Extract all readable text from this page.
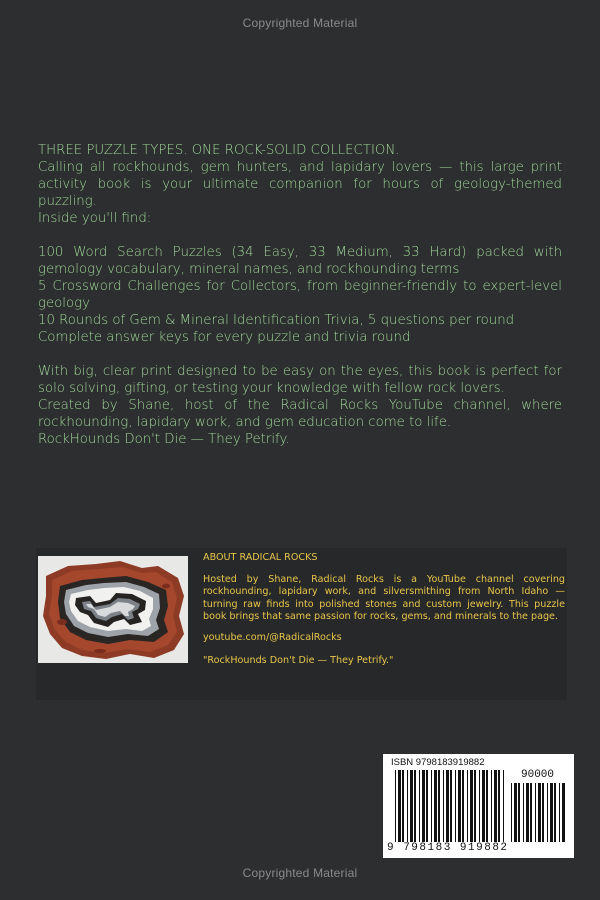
Copyrighted Material

THREE PUZZLE TYPES. ONE ROCK-SOLID COLLECTION.

Calling all rockhounds, gem hunters, and lapidary lovers — this large print activity book is your ultimate companion for hours of geology-themed puzzling.

Inside you'll find:

100 Word Search Puzzles (34 Easy, 33 Medium, 33 Hard) packed with gemology vocabulary, mineral names, and rockhounding terms

5 Crossword Challenges for Collectors, from beginner-friendly to expert-level geology

10 Rounds of Gem & Mineral Identification Trivia, 5 questions per round

Complete answer keys for every puzzle and trivia round

With big, clear print designed to be easy on the eyes, this book is perfect for solo solving, gifting, or testing your knowledge with fellow rock lovers.

Created by Shane, host of the Radical Rocks YouTube channel, where rockhounding, lapidary work, and gem education come to life.

RockHounds Don't Die — They Petrify.

ABOUT RADICAL ROCKS

Hosted by Shane, Radical Rocks is a YouTube channel covering rockhounding, lapidary work, and silversmithing from North Idaho — turning raw finds into polished stones and custom jewelry. This puzzle book brings that same passion for rocks, gems, and minerals to the page.

youtube.com/@RadicalRocks

"RockHounds Don't Die — They Petrify."

ISBN 9798183919882
90000
9 798183 919882
Copyrighted Material
